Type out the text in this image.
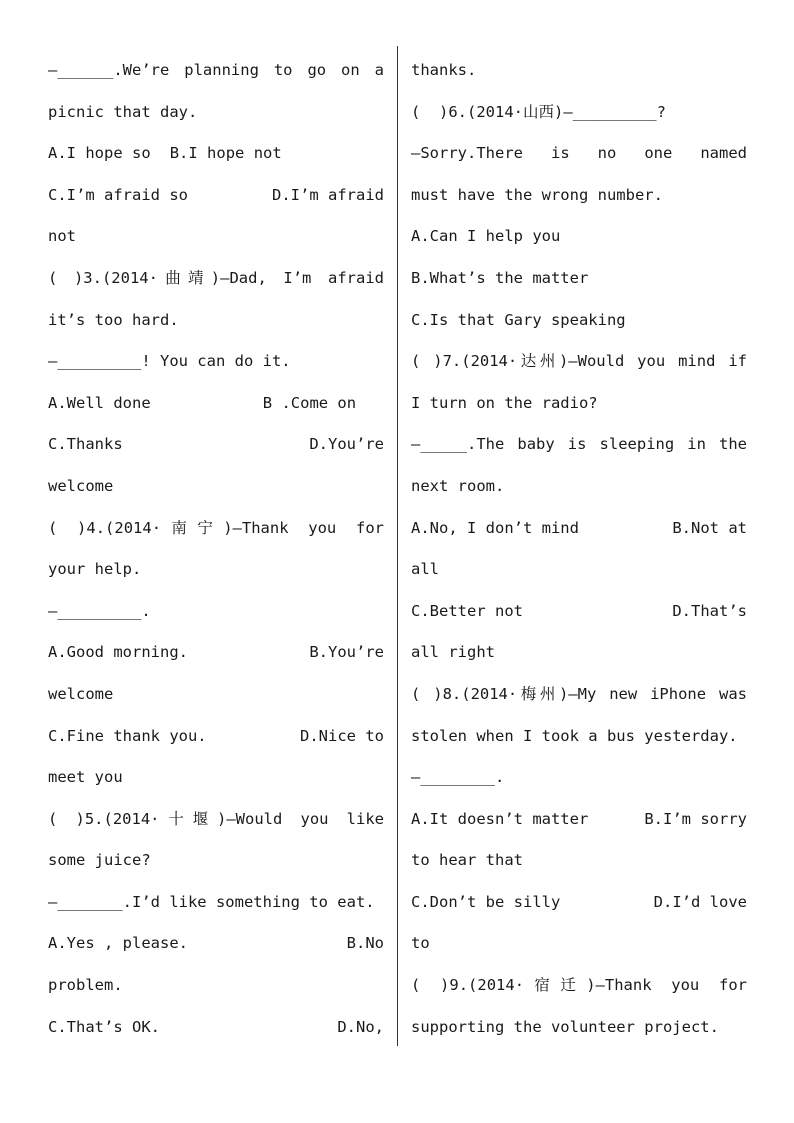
—______.We’re planning to go on a
picnic that day.
A.I hope so B.I hope not
C.I’m afraid so	D.I’m afraid
not
( )3.(2014·曲靖)—Dad, I’m afraid
it’s too hard.
—_________! You can do it.
A.Well done	B .Come on
C.Thanks	D.You’re
welcome
( )4.(2014·南宁)—Thank you for
your help.
—_________.
A.Good morning.	B.You’re
welcome
C.Fine thank you.	D.Nice to
meet you
( )5.(2014·十堰)—Would you like
some juice?
—_______.I’d like something to eat.
A.Yes , please.	B.No
problem.
C.That’s OK.	D.No,
thanks.
(  )6.(2014·山西)—_________?
—Sorry.There is no one named
must have the wrong number.
A.Can I help you
B.What’s the matter
C.Is that Gary speaking
( )7.(2014·达州)—Would you mind if
I turn on the radio?
—_____.The baby is sleeping in the
next room.
A.No, I don’t mind	B.Not at
all
C.Better not	D.That’s
all right
( )8.(2014·梅州)—My new iPhone was
stolen when I took a bus yesterday.
—________.
A.It doesn’t matter	B.I’m sorry
to hear that
C.Don’t be silly	D.I’d love
to
( )9.(2014·宿迁)—Thank you for
supporting the volunteer project.
